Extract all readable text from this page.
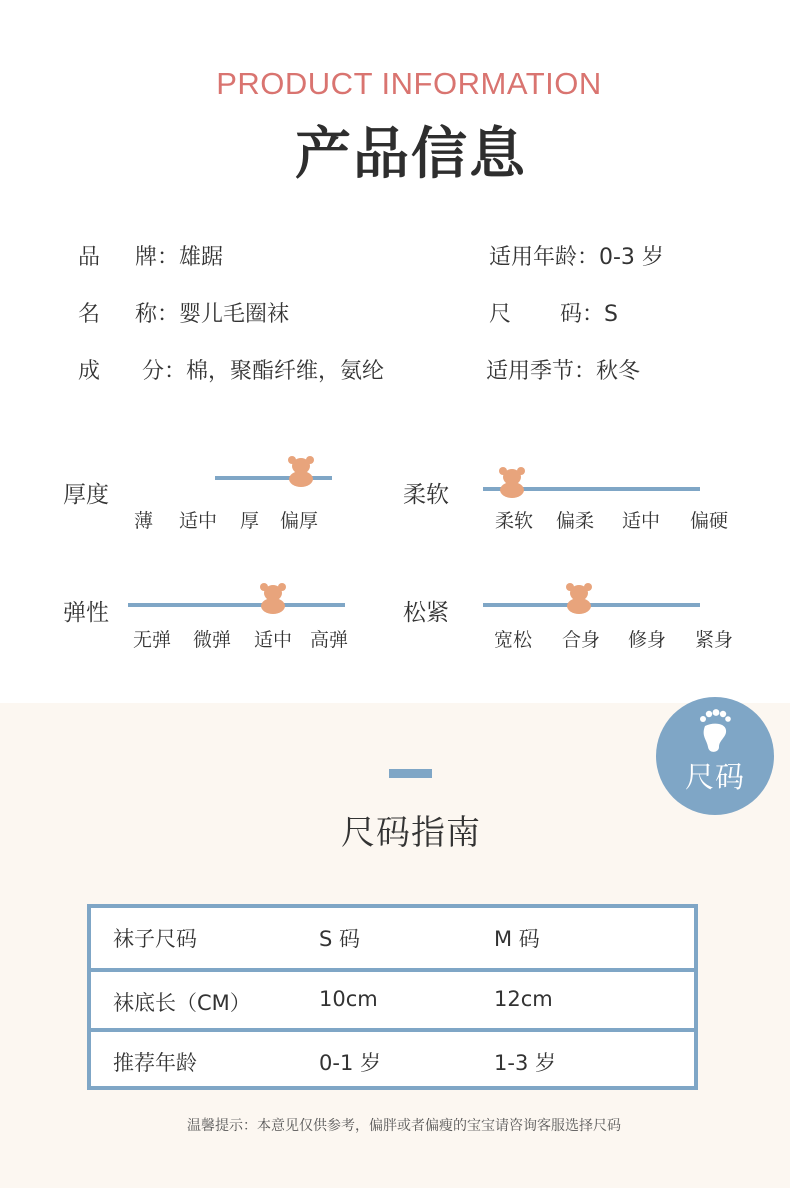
PRODUCT INFORMATION
产品信息
品     牌：雄踞	适用年龄：0-3 岁
名     称：婴儿毛圈袜	尺       码：S
成      分：棉，聚酯纤维，氨纶	适用季节：秋冬
厚度
薄 适中 厚 偏厚
柔软
柔软 偏柔 适中 偏硬
弹性
无弹 微弹 适中 高弹
松紧
宽松 合身 修身 紧身
尺码指南
尺码
袜子尺码	S 码	M 码
袜底长（CM）	10cm	12cm
推荐年龄	0-1 岁	1-3 岁
温馨提示：本意见仅供参考，偏胖或者偏瘦的宝宝请咨询客服选择尺码
